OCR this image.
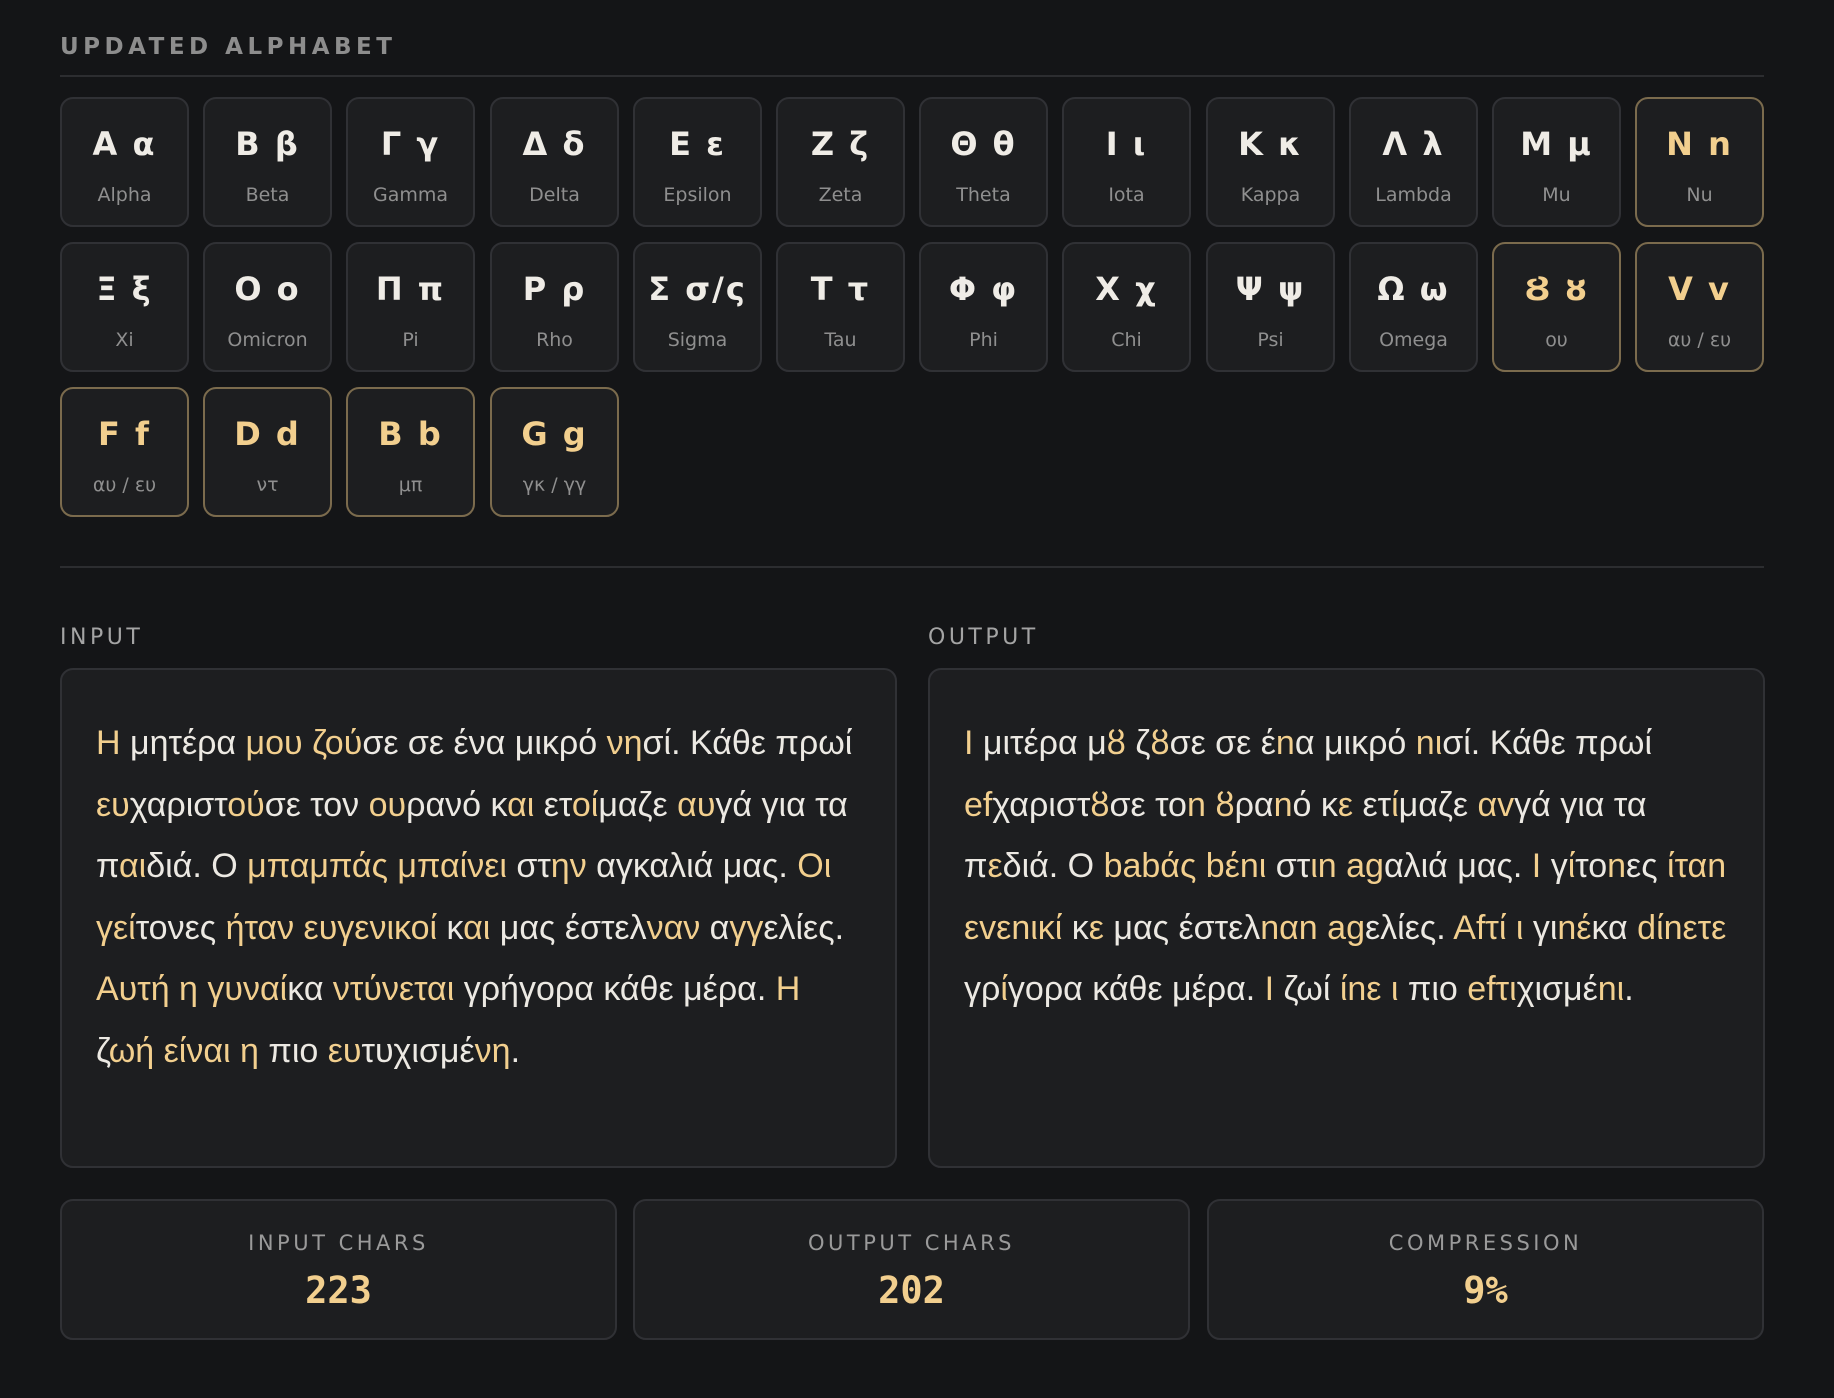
UPDATED ALPHABET
Α α
Alpha
Β β
Beta
Γ γ
Gamma
Δ δ
Delta
Ε ε
Epsilon
Ζ ζ
Zeta
Θ θ
Theta
Ι ι
Iota
Κ κ
Kappa
Λ λ
Lambda
Μ μ
Mu
N n
Nu
Ξ ξ
Xi
Ο ο
Omicron
Π π
Pi
Ρ ρ
Rho
Σ σ/ς
Sigma
Τ τ
Tau
Φ φ
Phi
Χ χ
Chi
Ψ ψ
Psi
Ω ω
Omega
Ȣ ȣ
ου
V v
αυ / ευ
F f
αυ / ευ
D d
ντ
B b
μπ
G g
γκ / γγ
INPUT	OUTPUT
Η μητέρα μου ζούσε σε ένα μικρό νησί. Κάθε πρωί ευχαριστούσε τον ουρανό και ετοίμαζε αυγά για τα παιδιά. Ο μπαμπάς μπαίνει στην αγκαλιά μας. Οι γείτονες ήταν ευγενικοί και μας έστελναν αγγελίες. Αυτή η γυναίκα ντύνεται γρήγορα κάθε μέρα. Η ζωή είναι η πιο ευτυχισμένη.
Ι μιτέρα μȣ ζȣσε σε έnα μικρό nισί. Κάθε πρωί efχαριστȣσε τοn ȣραnό κε ετίμαζε αvγά για τα πεδιά. Ο babάς bέnι στιn agαλιά μας. Ι γίτοnες ίταn εvεnικί κε μας έστελnαn agελίες. Αfτί ι γιnέκα dίnετε γρίγορα κάθε μέρα. Ι ζωί ίnε ι πιο efτιχισμέnι.
INPUT CHARS
223
OUTPUT CHARS
202
COMPRESSION
9%
